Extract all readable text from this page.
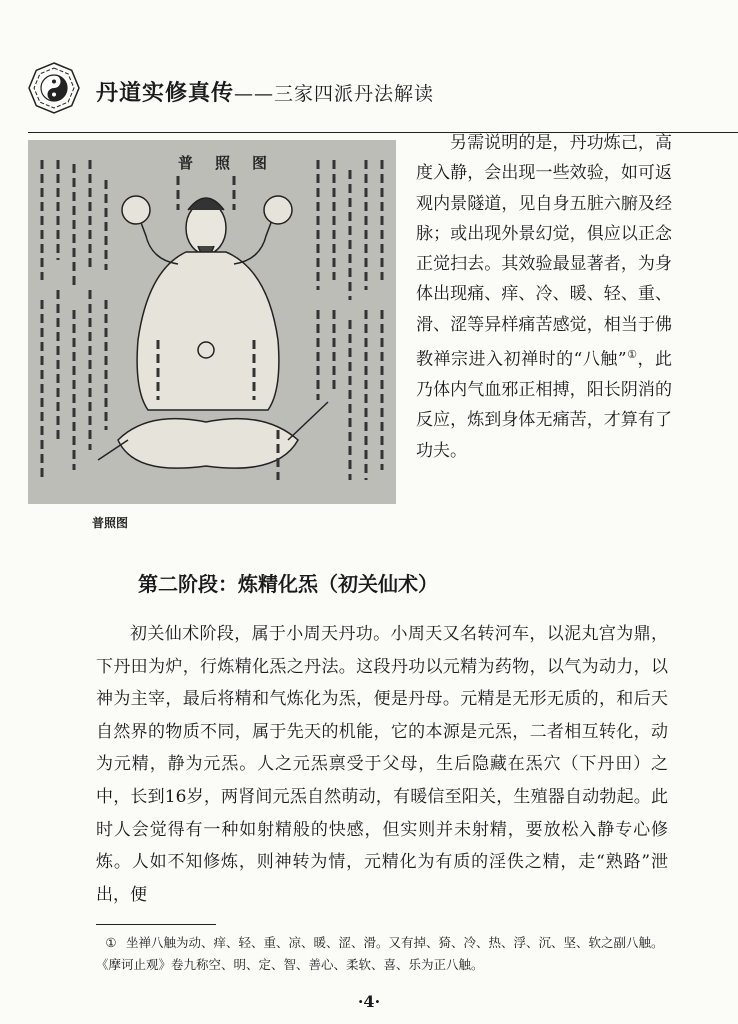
丹道实修真传——三家四派丹法解读
普照图
普照图

另需说明的是，丹功炼己，高度入静，会出现一些效验，如可返观内景隧道，见自身五脏六腑及经脉；或出现外景幻觉，俱应以正念正觉扫去。其效验最显著者，为身体出现痛、痒、冷、暖、轻、重、滑、涩等异样痛苦感觉，相当于佛教禅宗进入初禅时的“八触”①，此乃体内气血邪正相搏，阳长阴消的反应，炼到身体无痛苦，才算有了功夫。

第二阶段：炼精化炁（初关仙术）

初关仙术阶段，属于小周天丹功。小周天又名转河车，以泥丸宫为鼎，下丹田为炉，行炼精化炁之丹法。这段丹功以元精为药物，以气为动力，以神为主宰，最后将精和气炼化为炁，便是丹母。元精是无形无质的，和后天自然界的物质不同，属于先天的机能，它的本源是元炁，二者相互转化，动为元精，静为元炁。人之元炁禀受于父母，生后隐藏在炁穴（下丹田）之中，长到16岁，两肾间元炁自然萌动，有暖信至阳关，生殖器自动勃起。此时人会觉得有一种如射精般的快感，但实则并未射精，要放松入静专心修炼。人如不知修炼，则神转为情，元精化为有质的淫佚之精，走“熟路”泄出，便

① 坐禅八触为动、痒、轻、重、凉、暖、涩、滑。又有掉、猗、冷、热、浮、沉、坚、软之副八触。《摩诃止观》卷九称空、明、定、智、善心、柔软、喜、乐为正八触。
·4·
